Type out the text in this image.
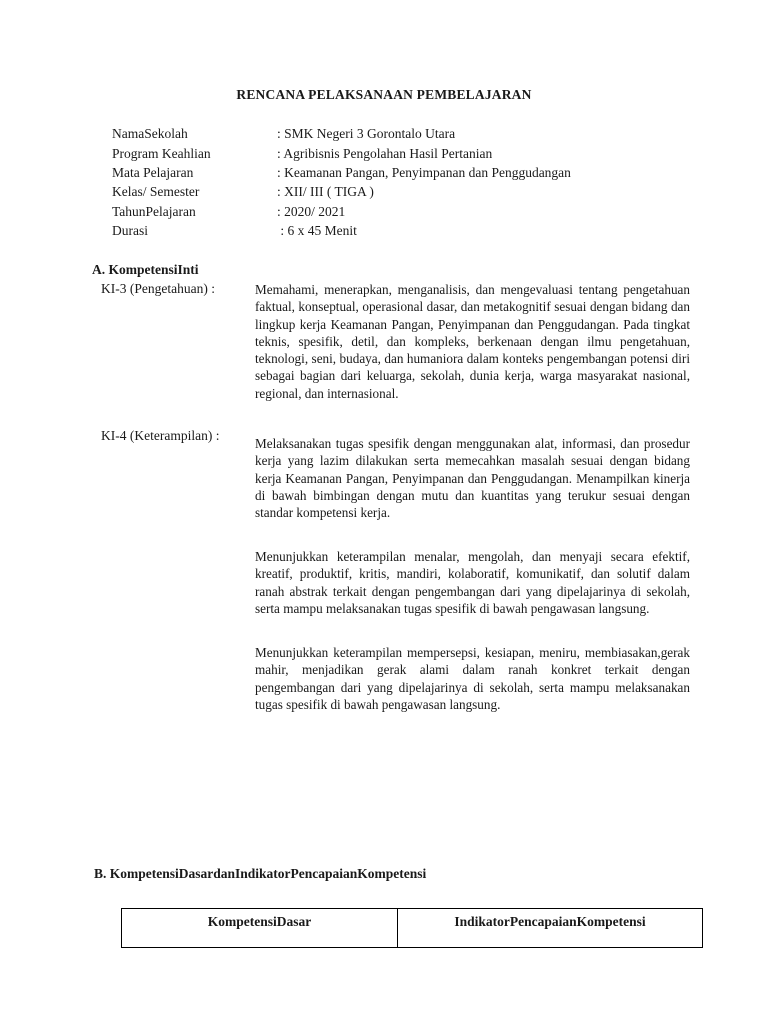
RENCANA PELAKSANAAN PEMBELAJARAN
NamaSekolah	: SMK Negeri 3 Gorontalo Utara
Program Keahlian	: Agribisnis Pengolahan Hasil Pertanian
Mata Pelajaran	: Keamanan Pangan, Penyimpanan dan Penggudangan
Kelas/ Semester	: XII/ III ( TIGA )
TahunPelajaran	: 2020/ 2021
Durasi	: 6 x 45 Menit
A. KompetensiInti
KI-3 (Pengetahuan) :	Memahami, menerapkan, menganalisis, dan mengevaluasi tentang pengetahuan faktual, konseptual, operasional dasar, dan metakognitif sesuai dengan bidang dan lingkup kerja Keamanan Pangan, Penyimpanan dan Penggudangan. Pada tingkat teknis, spesifik, detil, dan kompleks, berkenaan dengan ilmu pengetahuan, teknologi, seni, budaya, dan humaniora dalam konteks pengembangan potensi diri sebagai bagian dari keluarga, sekolah, dunia kerja, warga masyarakat nasional, regional, dan internasional.
KI-4 (Keterampilan) :
Melaksanakan tugas spesifik dengan menggunakan alat, informasi, dan prosedur kerja yang lazim dilakukan serta memecahkan masalah sesuai dengan bidang kerja Keamanan Pangan, Penyimpanan dan Penggudangan. Menampilkan kinerja di bawah bimbingan dengan mutu dan kuantitas yang terukur sesuai dengan standar kompetensi kerja.
Menunjukkan keterampilan menalar, mengolah, dan menyaji secara efektif, kreatif, produktif, kritis, mandiri, kolaboratif, komunikatif, dan solutif dalam ranah abstrak terkait dengan pengembangan dari yang dipelajarinya di sekolah, serta mampu melaksanakan tugas spesifik di bawah pengawasan langsung.
Menunjukkan keterampilan mempersepsi, kesiapan, meniru, membiasakan,gerak mahir, menjadikan gerak alami dalam ranah konkret terkait dengan pengembangan dari yang dipelajarinya di sekolah, serta mampu melaksanakan tugas spesifik di bawah pengawasan langsung.
B. KompetensiDasardanIndikatorPencapaianKompetensi
KompetensiDasar	IndikatorPencapaianKompetensi
